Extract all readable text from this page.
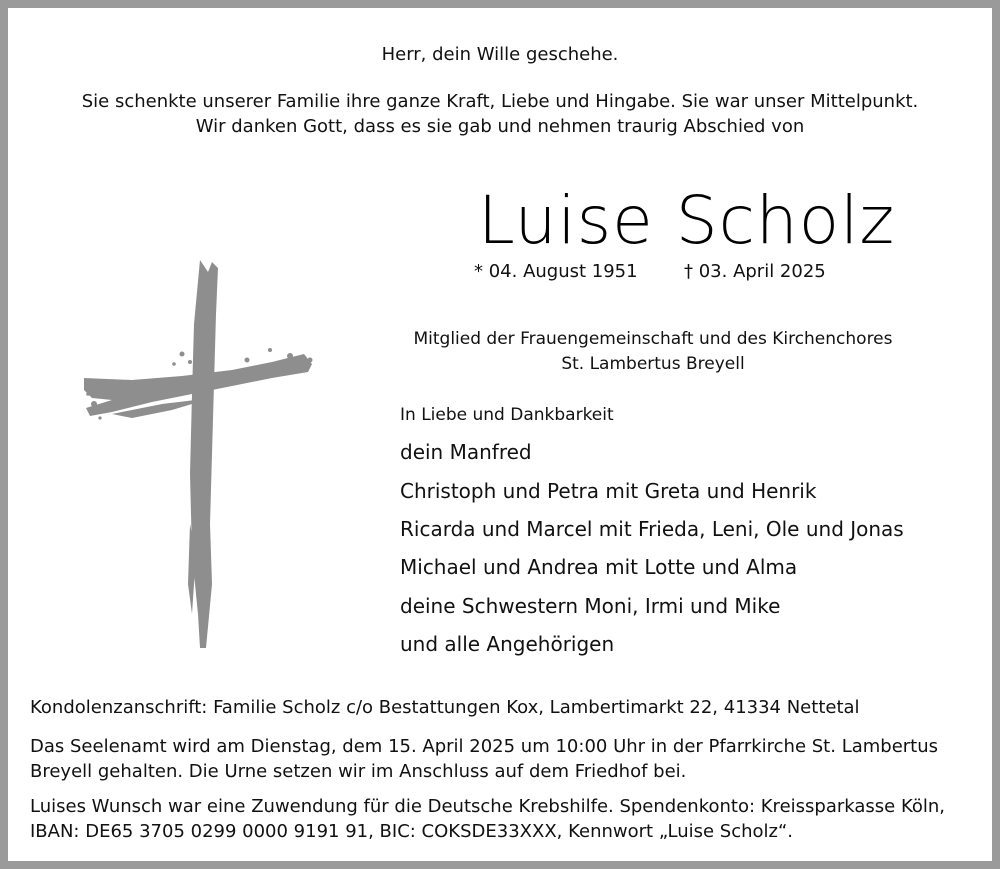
Herr, dein Wille geschehe.
Sie schenkte unserer Familie ihre ganze Kraft, Liebe und Hingabe. Sie war unser Mittelpunkt.
Wir danken Gott, dass es sie gab und nehmen traurig Abschied von
Luise Scholz
* 04. August 1951	† 03. April 2025
Mitglied der Frauengemeinschaft und des Kirchenchores
St. Lambertus Breyell
In Liebe und Dankbarkeit
dein Manfred
Christoph und Petra mit Greta und Henrik
Ricarda und Marcel mit Frieda, Leni, Ole und Jonas
Michael und Andrea mit Lotte und Alma
deine Schwestern Moni, Irmi und Mike
und alle Angehörigen
Kondolenzanschrift: Familie Scholz c/o Bestattungen Kox, Lambertimarkt 22, 41334 Nettetal
Das Seelenamt wird am Dienstag, dem 15. April 2025 um 10:00 Uhr in der Pfarrkirche St. Lambertus
Breyell gehalten. Die Urne setzen wir im Anschluss auf dem Friedhof bei.
Luises Wunsch war eine Zuwendung für die Deutsche Krebshilfe. Spendenkonto: Kreissparkasse Köln,
IBAN: DE65 3705 0299 0000 9191 91, BIC: COKSDE33XXX, Kennwort „Luise Scholz“.
